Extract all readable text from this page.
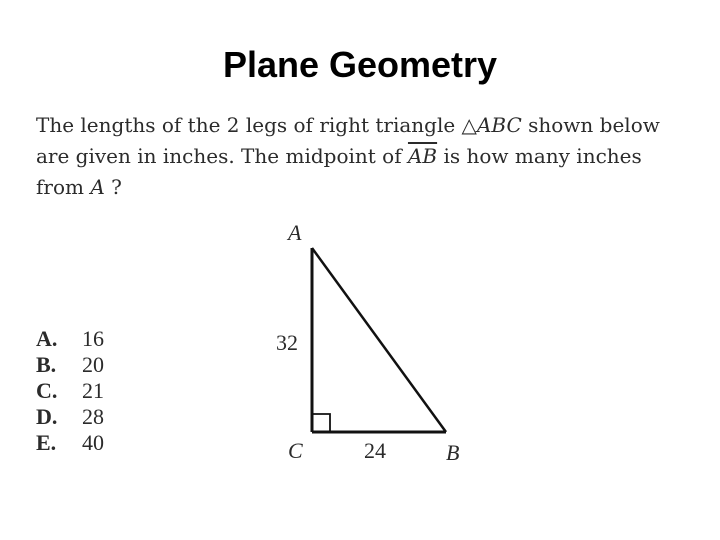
Plane Geometry
The lengths of the 2 legs of right triangle △ABC shown below are given in inches. The midpoint of $\overline{AB}$ is how many inches from A ?
A.	16
B.	20
C.	21
D.	28
E.	40
A
32
C	24	B
